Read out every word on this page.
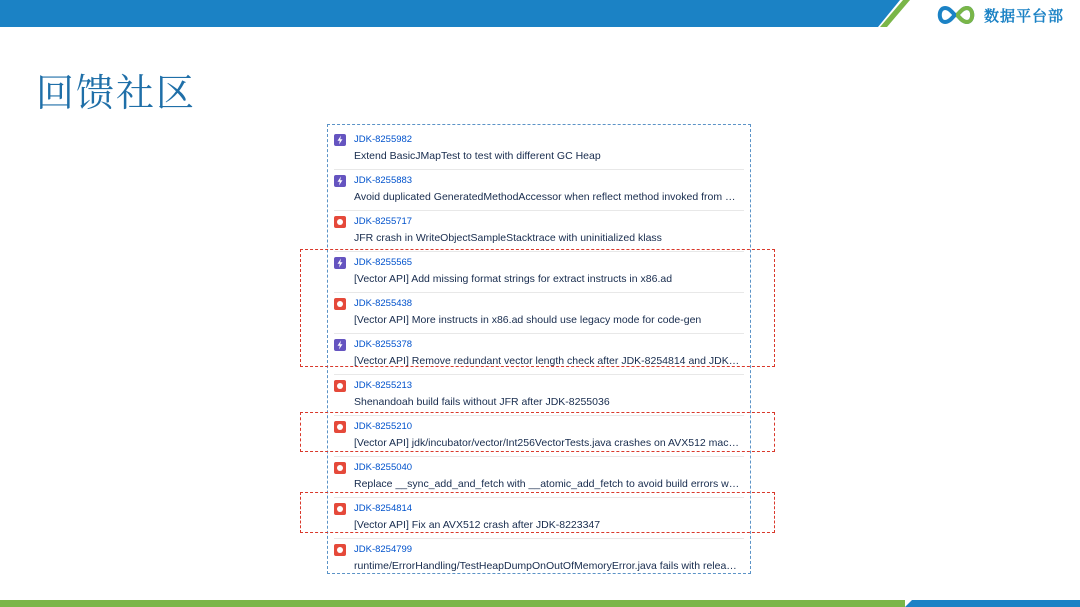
数据平台部
回馈社区
JDK-8255982
Extend BasicJMapTest to test with different GC Heap
JDK-8255883
Avoid duplicated GeneratedMethodAccessor when reflect method invoked from …
JDK-8255717
JFR crash in WriteObjectSampleStacktrace with uninitialized klass
JDK-8255565
[Vector API] Add missing format strings for extract instructs in x86.ad
JDK-8255438
[Vector API] More instructs in x86.ad should use legacy mode for code-gen
JDK-8255378
[Vector API] Remove redundant vector length check after JDK-8254814 and JDK…
JDK-8255213
Shenandoah build fails without JFR after JDK-8255036
JDK-8255210
[Vector API] jdk/incubator/vector/Int256VectorTests.java crashes on AVX512 mac…
JDK-8255040
Replace __sync_add_and_fetch with __atomic_add_fetch to avoid build errors w…
JDK-8254814
[Vector API] Fix an AVX512 crash after JDK-8223347
JDK-8254799
runtime/ErrorHandling/TestHeapDumpOnOutOfMemoryError.java fails with relea…
